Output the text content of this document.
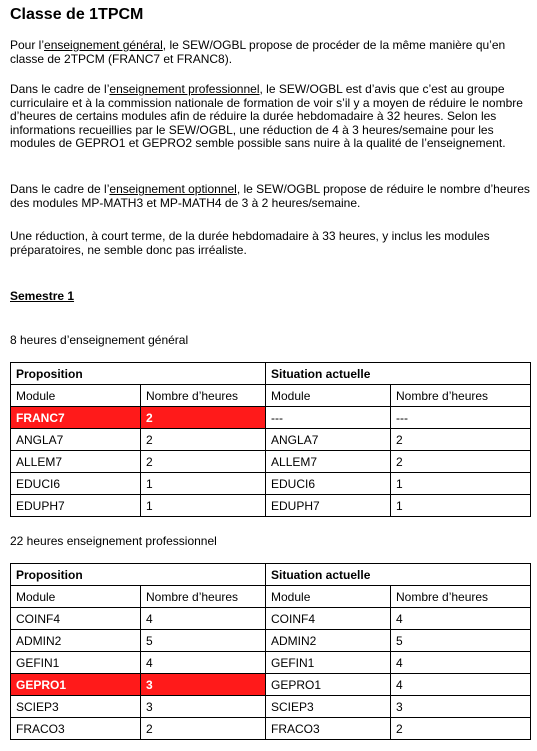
Classe de 1TPCM

Pour l’enseignement général, le SEW/OGBL propose de procéder de la même manière qu’en classe de 2TPCM (FRANC7 et FRANC8).

Dans le cadre de l’enseignement professionnel, le SEW/OGBL est d’avis que c’est au groupe curriculaire et à la commission nationale de formation de voir s’il y a moyen de réduire le nombre d’heures de certains modules afin de réduire la durée hebdomadaire à 32 heures. Selon les informations recueillies par le SEW/OGBL, une réduction de 4 à 3 heures/semaine pour les modules de GEPRO1 et GEPRO2 semble possible sans nuire à la qualité de l’enseignement.

Dans le cadre de l’enseignement optionnel, le SEW/OGBL propose de réduire le nombre d’heures des modules MP-MATH3 et MP-MATH4 de 3 à 2 heures/semaine.

Une réduction, à court terme, de la durée hebdomadaire à 33 heures, y inclus les modules préparatoires, ne semble donc pas irréaliste.

Semestre 1

8 heures d’enseignement général

Proposition		Situation actuelle	
Module	Nombre d’heures	Module	Nombre d’heures
FRANC7	2	---	---
ANGLA7	2	ANGLA7	2
ALLEM7	2	ALLEM7	2
EDUCI6	1	EDUCI6	1
EDUPH7	1	EDUPH7	1

22 heures enseignement professionnel

Proposition		Situation actuelle	
Module	Nombre d’heures	Module	Nombre d’heures
COINF4	4	COINF4	4
ADMIN2	5	ADMIN2	5
GEFIN1	4	GEFIN1	4
GEPRO1	3	GEPRO1	4
SCIEP3	3	SCIEP3	3
FRACO3	2	FRACO3	2
